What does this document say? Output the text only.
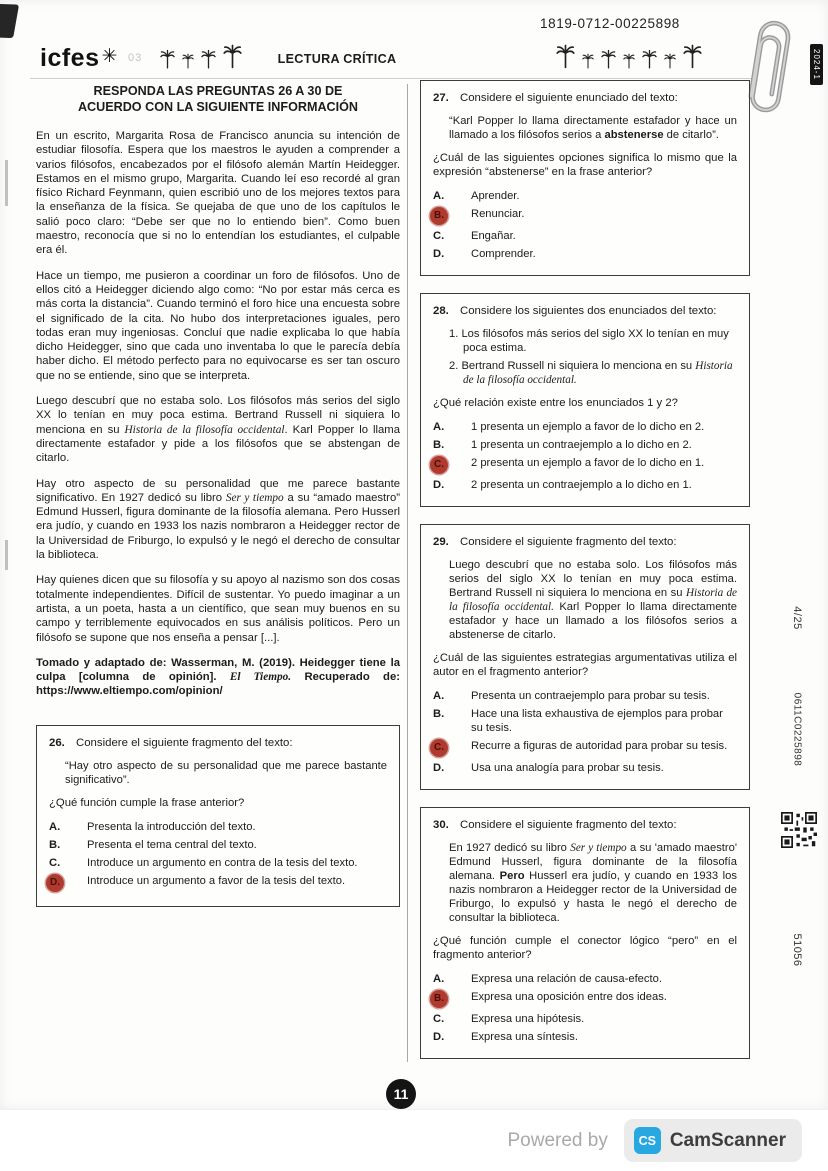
1819-0712-00225898
icfes ✳ 03	LECTURA CRÍTICA	2024-1
RESPONDA LAS PREGUNTAS 26 A 30 DE
ACUERDO CON LA SIGUIENTE INFORMACIÓN

En un escrito, Margarita Rosa de Francisco anuncia su intención de estudiar filosofía. Espera que los maestros le ayuden a comprender a varios filósofos, encabezados por el filósofo alemán Martín Heidegger. Estamos en el mismo grupo, Margarita. Cuando leí eso recordé al gran físico Richard Feynmann, quien escribió uno de los mejores textos para la enseñanza de la física. Se quejaba de que uno de los capítulos le salió poco claro: “Debe ser que no lo entiendo bien”. Como buen maestro, reconocía que si no lo entendían los estudiantes, el culpable era él.

Hace un tiempo, me pusieron a coordinar un foro de filósofos. Uno de ellos citó a Heidegger diciendo algo como: “No por estar más cerca es más corta la distancia”. Cuando terminó el foro hice una encuesta sobre el significado de la cita. No hubo dos interpretaciones iguales, pero todas eran muy ingeniosas. Concluí que nadie explicaba lo que había dicho Heidegger, sino que cada uno inventaba lo que le parecía debía haber dicho. El método perfecto para no equivocarse es ser tan oscuro que no se entiende, sino que se interpreta.

Luego descubrí que no estaba solo. Los filósofos más serios del siglo XX lo tenían en muy poca estima. Bertrand Russell ni siquiera lo menciona en su Historia de la filosofía occidental. Karl Popper lo llama directamente estafador y pide a los filósofos que se abstengan de citarlo.

Hay otro aspecto de su personalidad que me parece bastante significativo. En 1927 dedicó su libro Ser y tiempo a su “amado maestro” Edmund Husserl, figura dominante de la filosofía alemana. Pero Husserl era judío, y cuando en 1933 los nazis nombraron a Heidegger rector de la Universidad de Friburgo, lo expulsó y le negó el derecho de consultar la biblioteca.

Hay quienes dicen que su filosofía y su apoyo al nazismo son dos cosas totalmente independientes. Difícil de sustentar. Yo puedo imaginar a un artista, a un poeta, hasta a un científico, que sean muy buenos en su campo y terriblemente equivocados en sus análisis políticos. Pero un filósofo se supone que nos enseña a pensar [...].

Tomado y adaptado de: Wasserman, M. (2019). Heidegger tiene la culpa [columna de opinión]. El Tiempo. Recuperado de: https://www.eltiempo.com/opinion/

26. Considere el siguiente fragmento del texto:

“Hay otro aspecto de su personalidad que me parece bastante significativo”.

¿Qué función cumple la frase anterior?

A.	Presenta la introducción del texto.
B.	Presenta el tema central del texto.
C.	Introduce un argumento en contra de la tesis del texto.
D.	Introduce un argumento a favor de la tesis del texto.
27. Considere el siguiente enunciado del texto:

“Karl Popper lo llama directamente estafador y hace un llamado a los filósofos serios a abstenerse de citarlo”.

¿Cuál de las siguientes opciones significa lo mismo que la expresión “abstenerse” en la frase anterior?

A.	Aprender.
B.	Renunciar.
C.	Engañar.
D.	Comprender.
28. Considere los siguientes dos enunciados del texto:

1. Los filósofos más serios del siglo XX lo tenían en muy poca estima.

2. Bertrand Russell ni siquiera lo menciona en su Historia de la filosofía occidental.

¿Qué relación existe entre los enunciados 1 y 2?

A.	1 presenta un ejemplo a favor de lo dicho en 2.
B.	1 presenta un contraejemplo a lo dicho en 2.
C.	2 presenta un ejemplo a favor de lo dicho en 1.
D.	2 presenta un contraejemplo a lo dicho en 1.
29. Considere el siguiente fragmento del texto:

Luego descubrí que no estaba solo. Los filósofos más serios del siglo XX lo tenían en muy poca estima. Bertrand Russell ni siquiera lo menciona en su Historia de la filosofía occidental. Karl Popper lo llama directamente estafador y hace un llamado a los filósofos serios a abstenerse de citarlo.

¿Cuál de las siguientes estrategias argumentativas utiliza el autor en el fragmento anterior?

A.	Presenta un contraejemplo para probar su tesis.
B.	Hace una lista exhaustiva de ejemplos para probar su tesis.
C.	Recurre a figuras de autoridad para probar su tesis.
D.	Usa una analogía para probar su tesis.
30. Considere el siguiente fragmento del texto:

En 1927 dedicó su libro Ser y tiempo a su 'amado maestro' Edmund Husserl, figura dominante de la filosofía alemana. Pero Husserl era judío, y cuando en 1933 los nazis nombraron a Heidegger rector de la Universidad de Friburgo, lo expulsó y hasta le negó el derecho de consultar la biblioteca.

¿Qué función cumple el conector lógico “pero” en el fragmento anterior?

A.	Expresa una relación de causa-efecto.
B.	Expresa una oposición entre dos ideas.
C.	Expresa una hipótesis.
D.	Expresa una síntesis.
4/25
0611C0225898
51056
11
Powered by	CS CamScanner
